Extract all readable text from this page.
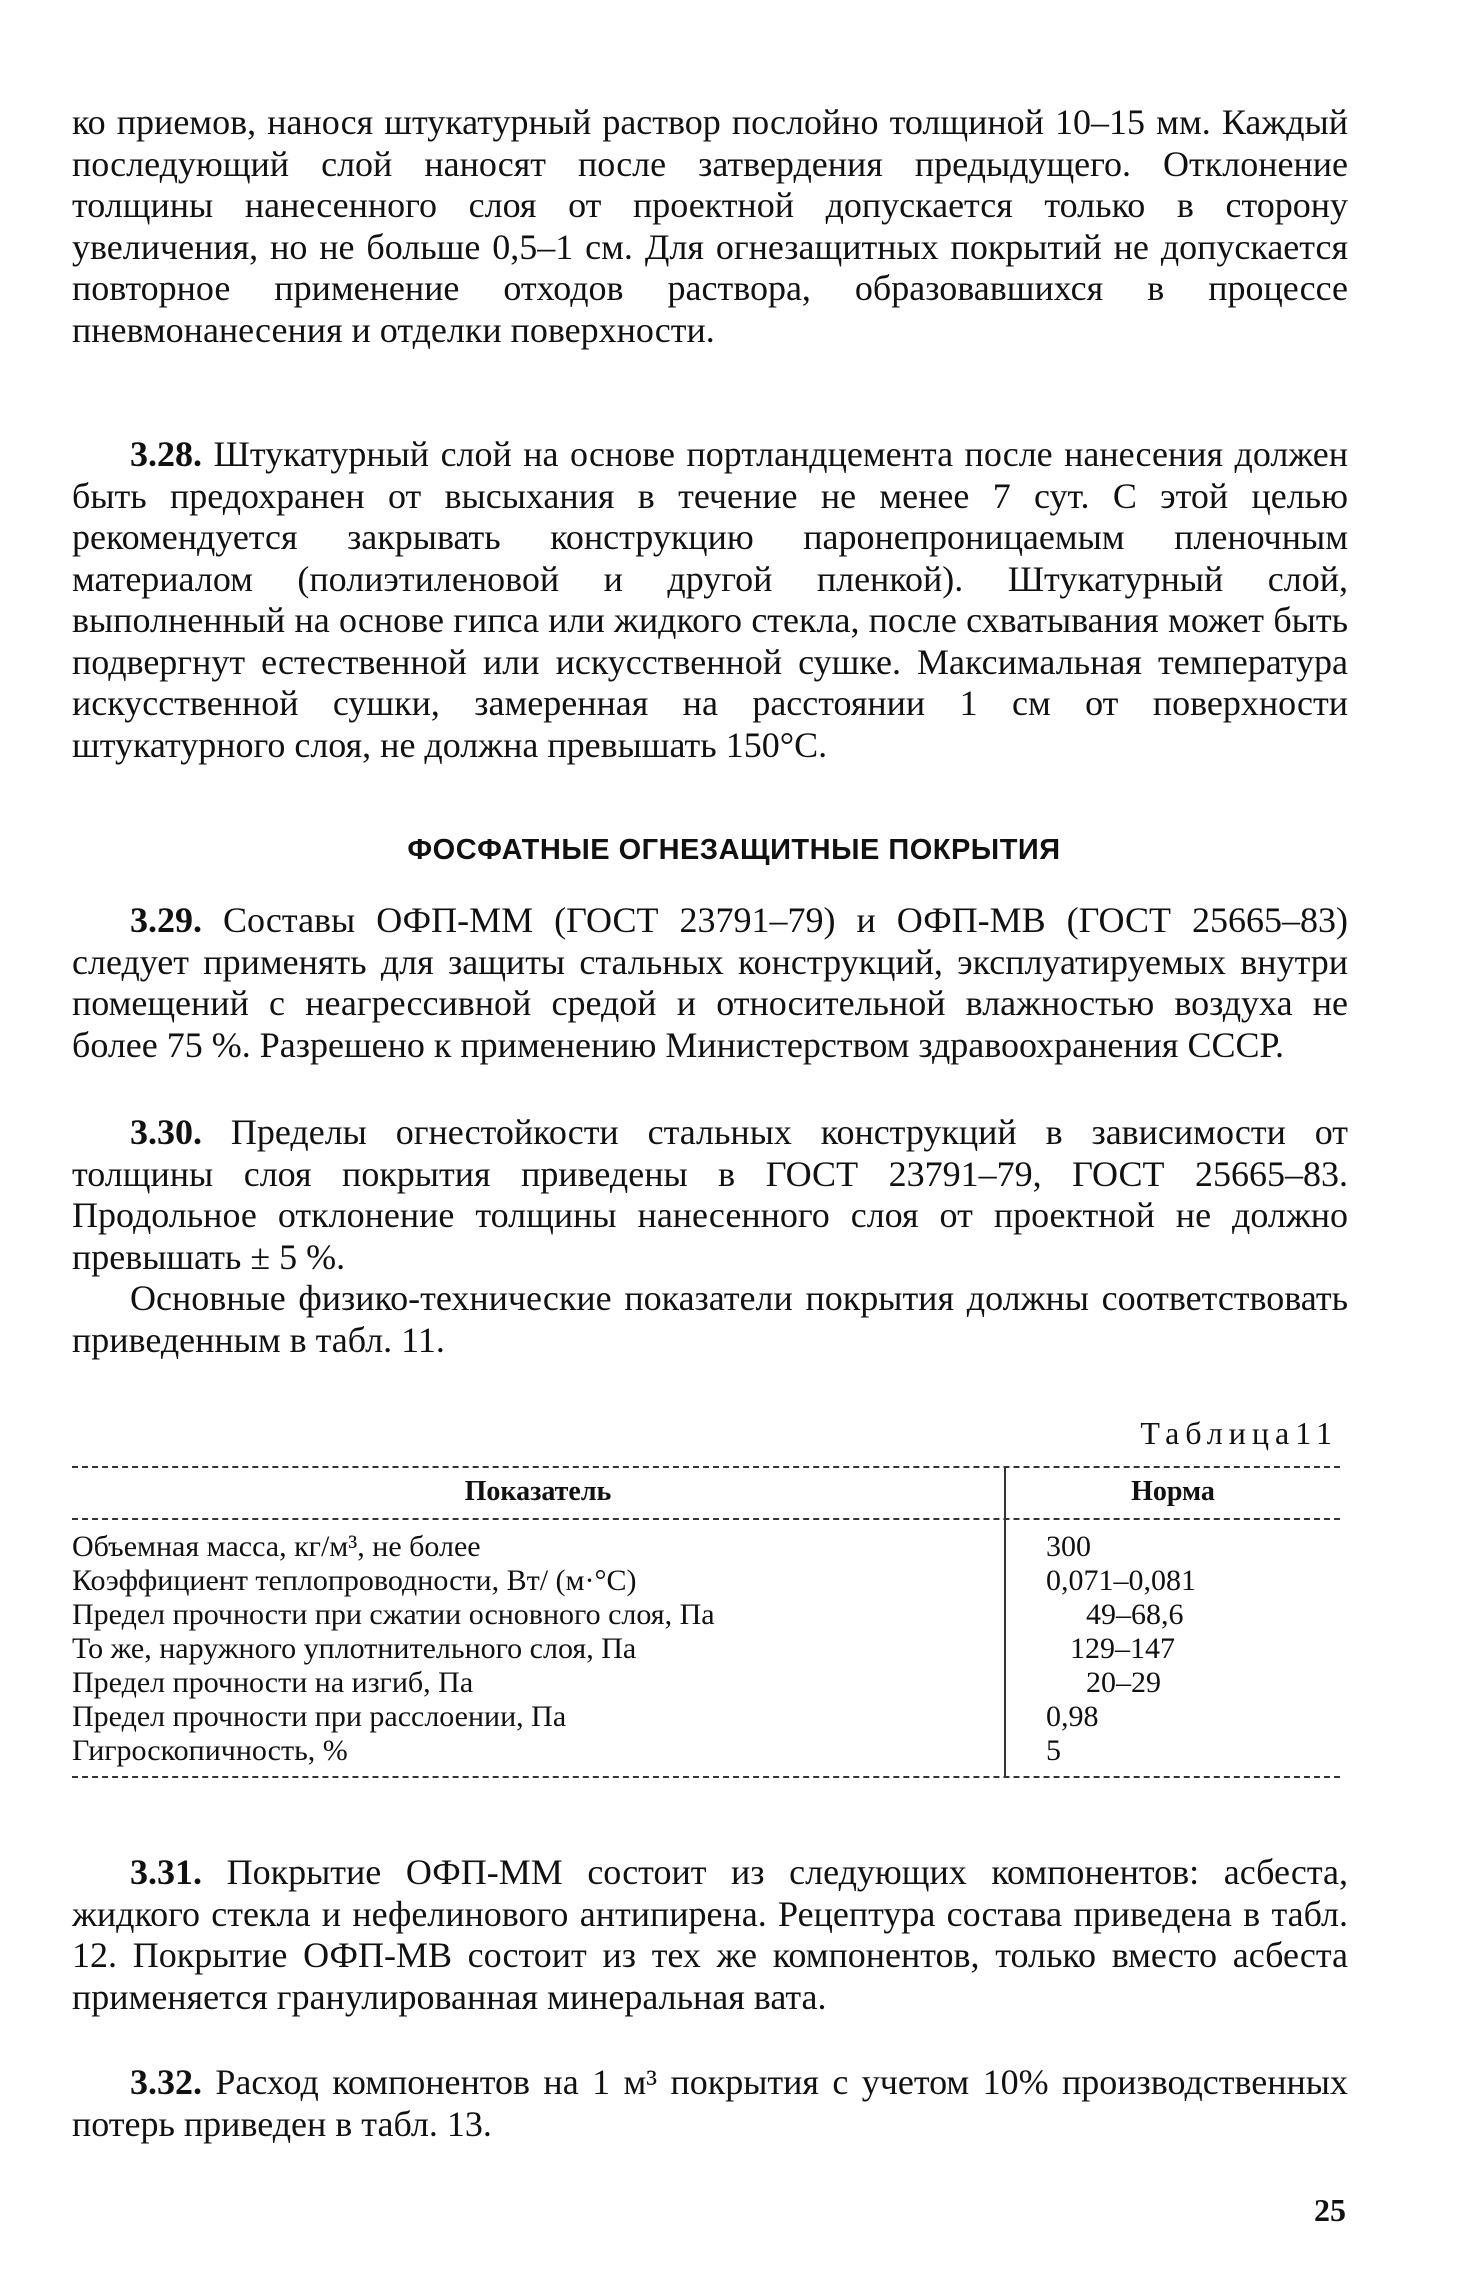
ко приемов, нанося штукатурный раствор послойно толщиной 10–15 мм. Каждый последующий слой наносят после затвердения предыдущего. Отклонение толщины нанесенного слоя от проектной допускается только в сторону увеличения, но не больше 0,5–1 см. Для огнезащитных покрытий не допускается повторное применение отходов раствора, образовавшихся в процессе пневмонанесения и отделки поверхности.

3.28. Штукатурный слой на основе портландцемента после нанесения должен быть предохранен от высыхания в течение не менее 7 сут. С этой целью рекомендуется закрывать конструкцию паронепроницаемым пленочным материалом (полиэтиленовой и другой пленкой). Штукатурный слой, выполненный на основе гипса или жидкого стекла, после схватывания может быть подвергнут естественной или искусственной сушке. Максимальная температура искусственной сушки, замеренная на расстоянии 1 см от поверхности штукатурного слоя, не должна превышать 150°С.

ФОСФАТНЫЕ ОГНЕЗАЩИТНЫЕ ПОКРЫТИЯ

3.29. Составы ОФП-ММ (ГОСТ 23791–79) и ОФП-МВ (ГОСТ 25665–83) следует применять для защиты стальных конструкций, эксплуатируемых внутри помещений с неагрессивной средой и относительной влажностью воздуха не более 75 %. Разрешено к применению Министерством здравоохранения СССР.

3.30. Пределы огнестойкости стальных конструкций в зависимости от толщины слоя покрытия приведены в ГОСТ 23791–79, ГОСТ 25665–83. Продольное отклонение толщины нанесенного слоя от проектной не должно превышать ± 5 %.

Основные физико-технические показатели покрытия должны соответствовать приведенным в табл. 11.

Таблица11

Показатель	Норма
Объемная масса, кг/м³, не более
Коэффициент теплопроводности, Вт/ (м·°С)
Предел прочности при сжатии основного слоя, Па
То же, наружного уплотнительного слоя, Па
Предел прочности на изгиб, Па
Предел прочности при расслоении, Па
Гигроскопичность, %
300
0,071–0,081
49–68,6
129–147
20–29
0,98
5

3.31. Покрытие ОФП-ММ состоит из следующих компонентов: асбеста, жидкого стекла и нефелинового антипирена. Рецептура состава приведена в табл. 12. Покрытие ОФП-МВ состоит из тех же компонентов, только вместо асбеста применяется гранулированная минеральная вата.

3.32. Расход компонентов на 1 м³ покрытия с учетом 10% производственных потерь приведен в табл. 13.

25
